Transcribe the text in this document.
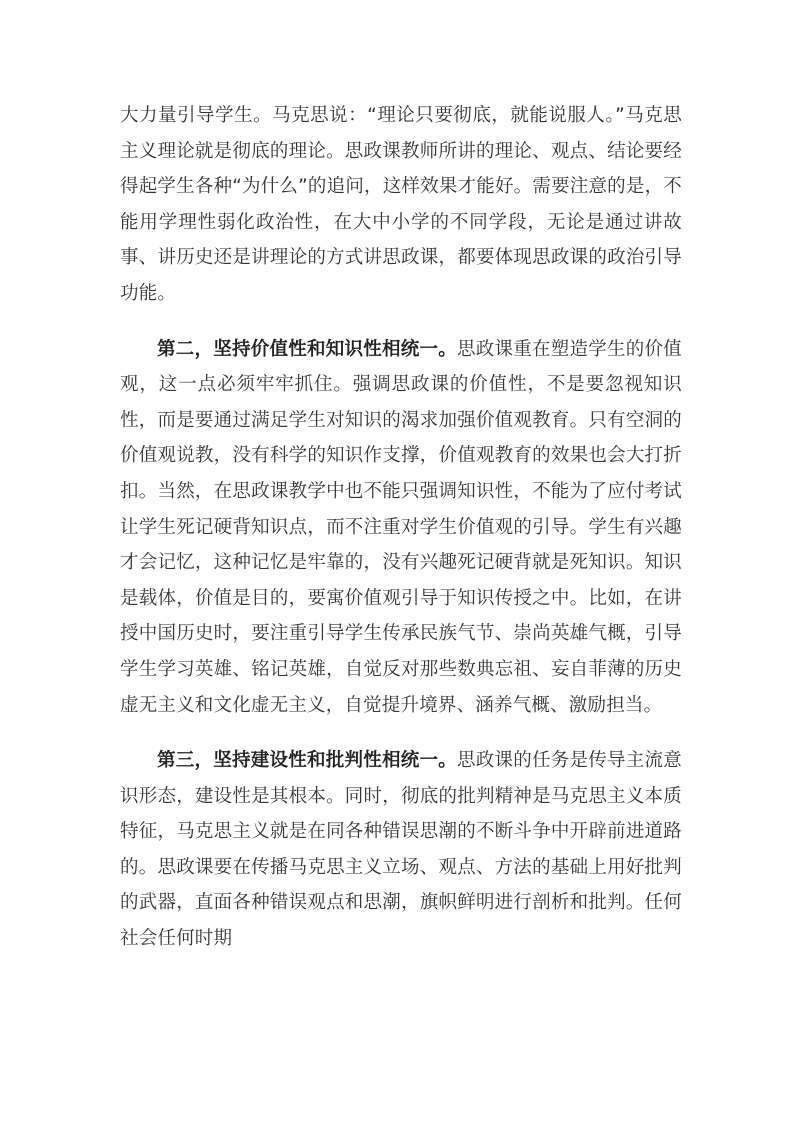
大力量引导学生。马克思说：“理论只要彻底，就能说服人。”马克思主义理论就是彻底的理论。思政课教师所讲的理论、观点、结论要经得起学生各种“为什么”的追问，这样效果才能好。需要注意的是，不能用学理性弱化政治性，在大中小学的不同学段，无论是通过讲故事、讲历史还是讲理论的方式讲思政课，都要体现思政课的政治引导功能。

第二，坚持价值性和知识性相统一。思政课重在塑造学生的价值观，这一点必须牢牢抓住。强调思政课的价值性，不是要忽视知识性，而是要通过满足学生对知识的渴求加强价值观教育。只有空洞的价值观说教，没有科学的知识作支撑，价值观教育的效果也会大打折扣。当然，在思政课教学中也不能只强调知识性，不能为了应付考试让学生死记硬背知识点，而不注重对学生价值观的引导。学生有兴趣才会记忆，这种记忆是牢靠的，没有兴趣死记硬背就是死知识。知识是载体，价值是目的，要寓价值观引导于知识传授之中。比如，在讲授中国历史时，要注重引导学生传承民族气节、崇尚英雄气概，引导学生学习英雄、铭记英雄，自觉反对那些数典忘祖、妄自菲薄的历史虚无主义和文化虚无主义，自觉提升境界、涵养气概、激励担当。

第三，坚持建设性和批判性相统一。思政课的任务是传导主流意识形态，建设性是其根本。同时，彻底的批判精神是马克思主义本质特征，马克思主义就是在同各种错误思潮的不断斗争中开辟前进道路的。思政课要在传播马克思主义立场、观点、方法的基础上用好批判的武器，直面各种错误观点和思潮，旗帜鲜明进行剖析和批判。任何社会任何时期
